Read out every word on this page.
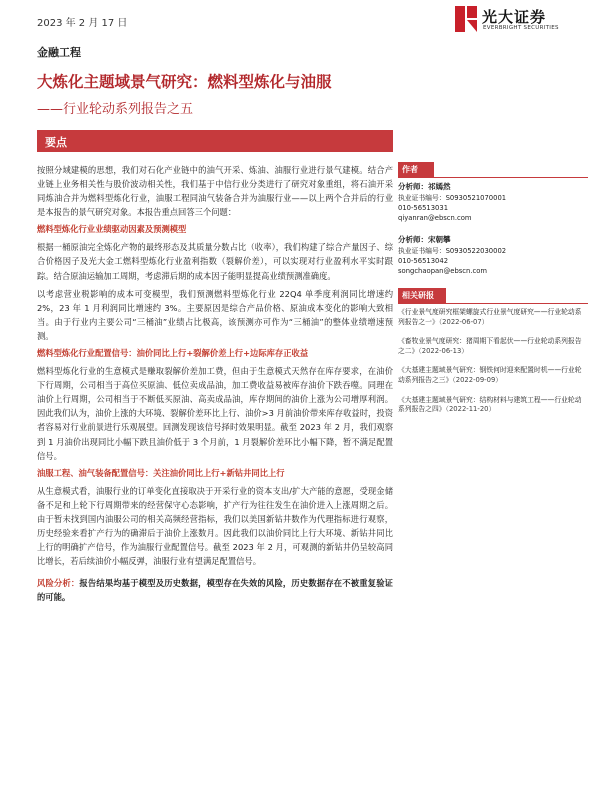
2023 年 2 月 17 日	光大证券
EVERBRIGHT SECURITIES
金融工程
大炼化主题域景气研究：燃料型炼化与油服
——行业轮动系列报告之五
要点

按照分域建模的思想，我们对石化产业链中的油气开采、炼油、油服行业进行景气建模。结合产业链上业务相关性与股价波动相关性，我们基于中信行业分类进行了研究对象重组，将石油开采同炼油合并为燃料型炼化行业，油服工程同油气装备合并为油服行业——以上两个合并后的行业是本报告的景气研究对象。本报告重点回答三个问题：

燃料型炼化行业业绩驱动因素及预测模型

根据一桶原油完全炼化产物的最终形态及其质量分数占比（收率），我们构建了综合产量因子、综合价格因子及光大金工燃料型炼化行业盈利指数（裂解价差），可以实现对行业盈利水平实时跟踪。结合原油运输加工周期，考虑滞后期的成本因子能明显提高业绩预测准确度。

以考虑营业税影响的成本可变模型，我们预测燃料型炼化行业 22Q4 单季度利润同比增速约 2%，23 年 1 月利润同比增速约 3%。主要原因是综合产品价格、原油成本变化的影响大致相当。由于行业内主要公司“三桶油”业绩占比极高，该预测亦可作为“三桶油”的整体业绩增速预测。

燃料型炼化行业配置信号：油价同比上行+裂解价差上行+边际库存正收益

燃料型炼化行业的生意模式是赚取裂解价差加工费，但由于生意模式天然存在库存要求，在油价下行周期，公司相当于高位买原油、低位卖成品油，加工费收益易被库存油价下跌吞噬。同理在油价上行周期，公司相当于不断低买原油、高卖成品油，库存期间的油价上涨为公司增厚利润。因此我们认为，油价上涨的大环境、裂解价差环比上行、油价>3 月前油价带来库存收益时，投资者容易对行业前景进行乐观展望。回测发现该信号择时效果明显。截至 2023 年 2 月，我们观察到 1 月油价出现同比小幅下跌且油价低于 3 个月前，1 月裂解价差环比小幅下降，暂不满足配置信号。

油服工程、油气装备配置信号：关注油价同比上行+新钻井同比上行

从生意模式看，油服行业的订单变化直接取决于开采行业的资本支出/扩大产能的意愿，受现金储备不足和上轮下行周期带来的经营保守心态影响，扩产行为往往发生在油价进入上涨周期之后。由于暂未找到国内油服公司的相关高频经营指标，我们以美国新钻井数作为代理指标进行观察，历史经验来看扩产行为的确滞后于油价上涨数月。因此我们以油价同比上行大环境、新钻井同比上行的明确扩产信号，作为油服行业配置信号。截至 2023 年 2 月，可观测的新钻井仍呈较高同比增长，若后续油价小幅反弹，油服行业有望满足配置信号。

风险分析：报告结果均基于模型及历史数据，模型存在失效的风险，历史数据存在不被重复验证的可能。

作者
分析师：祁嫣然
执业证书编号：S0930521070001
010-56513031
qiyanran@ebscn.com
分析师：宋朝攀
执业证书编号：S0930522030002
010-56513042
songchaopan@ebscn.com
相关研报
《行业景气度研究框架螺旋式行业景气度研究——行业轮动系列报告之一》（2022-06-07）
《畜牧业景气度研究：猪周期下看起伏——行业轮动系列报告之二》（2022-06-13）
《大基建主题域景气研究：钢铁何时迎来配置时机——行业轮动系列报告之三》（2022-09-09）
《大基建主题域景气研究：结构材料与建筑工程——行业轮动系列报告之四》（2022-11-20）
